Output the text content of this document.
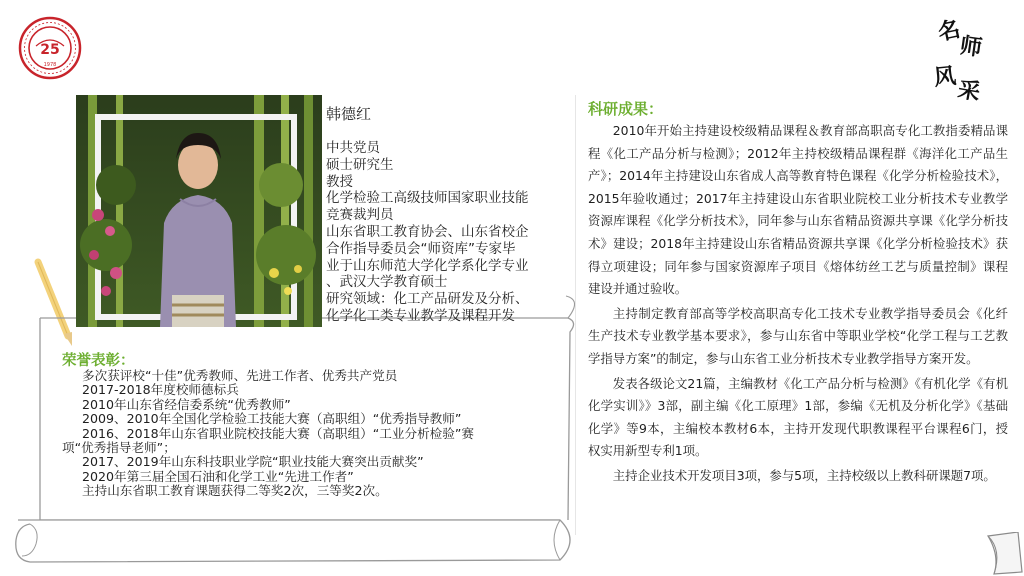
25
1978
名
师
风
采
韩德红
中共党员
硕士研究生
教授
化学检验工高级技师国家职业技能
竞赛裁判员
山东省职工教育协会、山东省校企
合作指导委员会“师资库”专家毕
业于山东师范大学化学系化学专业
、武汉大学教育硕士
研究领域：化工产品研发及分析、
化学化工类专业教学及课程开发
荣誉表彰：
多次获评校“十佳”优秀教师、先进工作者、优秀共产党员
2017-2018年度校师德标兵
2010年山东省经信委系统“优秀教师”
2009、2010年全国化学检验工技能大赛（高职组）“优秀指导教师”
2016、2018年山东省职业院校技能大赛（高职组）“工业分析检验”赛
项“优秀指导老师”；
2017、2019年山东科技职业学院“职业技能大赛突出贡献奖”
2020年第三届全国石油和化学工业“先进工作者”
主持山东省职工教育课题获得二等奖2次，三等奖2次。
科研成果：

2010年开始主持建设校级精品课程＆教育部高职高专化工教指委精品课程《化工产品分析与检测》；2012年主持校级精品课程群《海洋化工产品生产》；2014年主持建设山东省成人高等教育特色课程《化学分析检验技术》，2015年验收通过；2017年主持建设山东省职业院校工业分析技术专业教学资源库课程《化学分析技术》，同年参与山东省精品资源共享课《化学分析技术》建设；2018年主持建设山东省精品资源共享课《化学分析检验技术》获得立项建设；同年参与国家资源库子项目《熔体纺丝工艺与质量控制》课程建设并通过验收。

主持制定教育部高等学校高职高专化工技术专业教学指导委员会《化纤生产技术专业教学基本要求》，参与山东省中等职业学校“化学工程与工艺教学指导方案”的制定，参与山东省工业分析技术专业教学指导方案开发。

发表各级论文21篇，主编教材《化工产品分析与检测》《有机化学《有机化学实训》》3部，副主编《化工原理》1部，参编《无机及分析化学》《基础化学》等9本，主编校本教材6本，主持开发现代职教课程平台课程6门，授权实用新型专利1项。

主持企业技术开发项目3项，参与5项，主持校级以上教科研课题7项。
